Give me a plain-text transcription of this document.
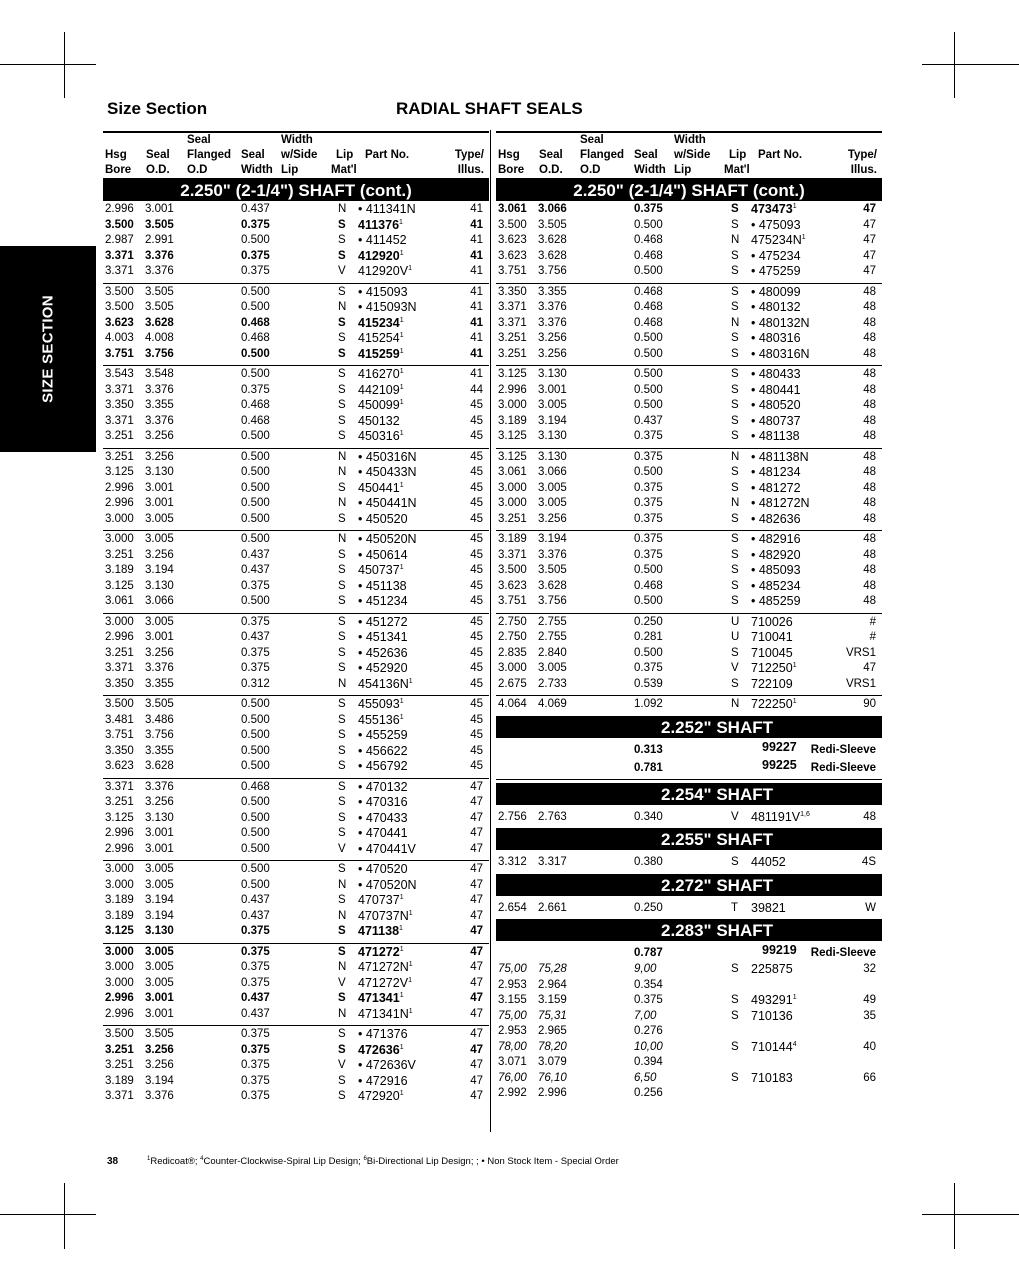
SIZE SECTION
Size Section	RADIAL SHAFT SEALS
Hsg
Bore
Seal
O.D.
Seal
Flanged
O.D
Seal
Width
Width
w/Side
Lip
Lip
Mat'l
Part No.	Type/
Illus.
2.250" (2-1/4") SHAFT (cont.)
2.996 3.001	0.437	N • 411341N	41
3.500 3.505	0.375	S 411376$^1$	41
2.987 2.991	0.500	S • 411452	41
3.371 3.376	0.375	S 412920$^1$	41
3.371 3.376	0.375	V $412920V^1$	41
3.500 3.505	0.500	S • 415093	41
3.500 3.505	0.500	N • 415093N	41
3.623 3.628	0.468	S 415234$^1$	41
4.003 4.008	0.468	S 415254$^1$	41
3.751 3.756	0.500	S 415259$^1$	41
3.543 3.548	0.500	S 416270$^1$	41
3.371 3.376	0.375	S 442109$^1$	44
3.350 3.355	0.468	S 450099$^1$	45
3.371 3.376	0.468	S 450132	45
3.251 3.256	0.500	S 450316$^1$	45
3.251 3.256	0.500	N • 450316N	45
3.125 3.130	0.500	N • 450433N	45
2.996 3.001	0.500	S 450441$^1$	45
2.996 3.001	0.500	N • 450441N	45
3.000 3.005	0.500	S • 450520	45
3.000 3.005	0.500	N • 450520N	45
3.251 3.256	0.437	S • 450614	45
3.189 3.194	0.437	S 450737$^1$	45
3.125 3.130	0.375	S • 451138	45
3.061 3.066	0.500	S • 451234	45
3.000 3.005	0.375	S • 451272	45
2.996 3.001	0.437	S • 451341	45
3.251 3.256	0.375	S • 452636	45
3.371 3.376	0.375	S • 452920	45
3.350 3.355	0.312	N $454136N^1$	45
3.500 3.505	0.500	S 455093$^1$	45
3.481 3.486	0.500	S 455136$^1$	45
3.751 3.756	0.500	S • 455259	45
3.350 3.355	0.500	S • 456622	45
3.623 3.628	0.500	S • 456792	45
3.371 3.376	0.468	S • 470132	47
3.251 3.256	0.500	S • 470316	47
3.125 3.130	0.500	S • 470433	47
2.996 3.001	0.500	S • 470441	47
2.996 3.001	0.500	V • 470441V	47
3.000 3.005	0.500	S • 470520	47
3.000 3.005	0.500	N • 470520N	47
3.189 3.194	0.437	S 470737$^1$	47
3.189 3.194	0.437	N $470737N^1$	47
3.125 3.130	0.375	S 471138$^1$	47
3.000 3.005	0.375	S 471272$^1$	47
3.000 3.005	0.375	N $471272N^1$	47
3.000 3.005	0.375	V $471272V^1$	47
2.996 3.001	0.437	S 471341$^1$	47
2.996 3.001	0.437	N $471341N^1$	47
3.500 3.505	0.375	S • 471376	47
3.251 3.256	0.375	S 472636$^1$	47
3.251 3.256	0.375	V • 472636V	47
3.189 3.194	0.375	S • 472916	47
3.371 3.376	0.375	S 472920$^1$	47
Hsg
Bore
Seal
O.D.
Seal
Flanged
O.D
Seal
Width
Width
w/Side
Lip
Lip
Mat'l
Part No.	Type/
Illus.
2.250" (2-1/4") SHAFT (cont.)
3.061 3.066	0.375	S 473473$^1$	47
3.500 3.505	0.500	S • 475093	47
3.623 3.628	0.468	N $475234N^1$	47
3.623 3.628	0.468	S • 475234	47
3.751 3.756	0.500	S • 475259	47
3.350 3.355	0.468	S • 480099	48
3.371 3.376	0.468	S • 480132	48
3.371 3.376	0.468	N • 480132N	48
3.251 3.256	0.500	S • 480316	48
3.251 3.256	0.500	S • 480316N	48
3.125 3.130	0.500	S • 480433	48
2.996 3.001	0.500	S • 480441	48
3.000 3.005	0.500	S • 480520	48
3.189 3.194	0.437	S • 480737	48
3.125 3.130	0.375	S • 481138	48
3.125 3.130	0.375	N • 481138N	48
3.061 3.066	0.500	S • 481234	48
3.000 3.005	0.375	S • 481272	48
3.000 3.005	0.375	N • 481272N	48
3.251 3.256	0.375	S • 482636	48
3.189 3.194	0.375	S • 482916	48
3.371 3.376	0.375	S • 482920	48
3.500 3.505	0.500	S • 485093	48
3.623 3.628	0.468	S • 485234	48
3.751 3.756	0.500	S • 485259	48
2.750 2.755	0.250	U 710026	#
2.750 2.755	0.281	U 710041	#
2.835 2.840	0.500	S 710045	VRS1
3.000 3.005	0.375	V 712250$^1$	47
2.675 2.733	0.539	S 722109	VRS1
4.064 4.069	1.092	N 722250$^1$	90
2.252" SHAFT
0.313	99227 Redi-Sleeve
0.781	99225 Redi-Sleeve
2.254" SHAFT
2.756 2.763	0.340	V $481191V^{1,6}$	48
2.255" SHAFT
3.312 3.317	0.380	S 44052	4S
2.272" SHAFT
2.654 2.661	0.250	T 39821	W
2.283" SHAFT
0.787	99219 Redi-Sleeve
75,00 75,28	9,00	S 225875	32
2.953 2.964	0.354
3.155 3.159	0.375	S 493291$^1$	49
75,00 75,31	7,00	S 710136	35
2.953 2.965	0.276
78,00 78,20	10,00	S 710144$^4$	40
3.071 3.079	0.394
76,00 76,10	6,50	S 710183	66
2.992 2.996	0.256
38	$^1$Redicoat®; $^4$Counter-Clockwise-Spiral Lip Design; $^6$Bi-Directional Lip Design; ; • Non Stock Item - Special Order
